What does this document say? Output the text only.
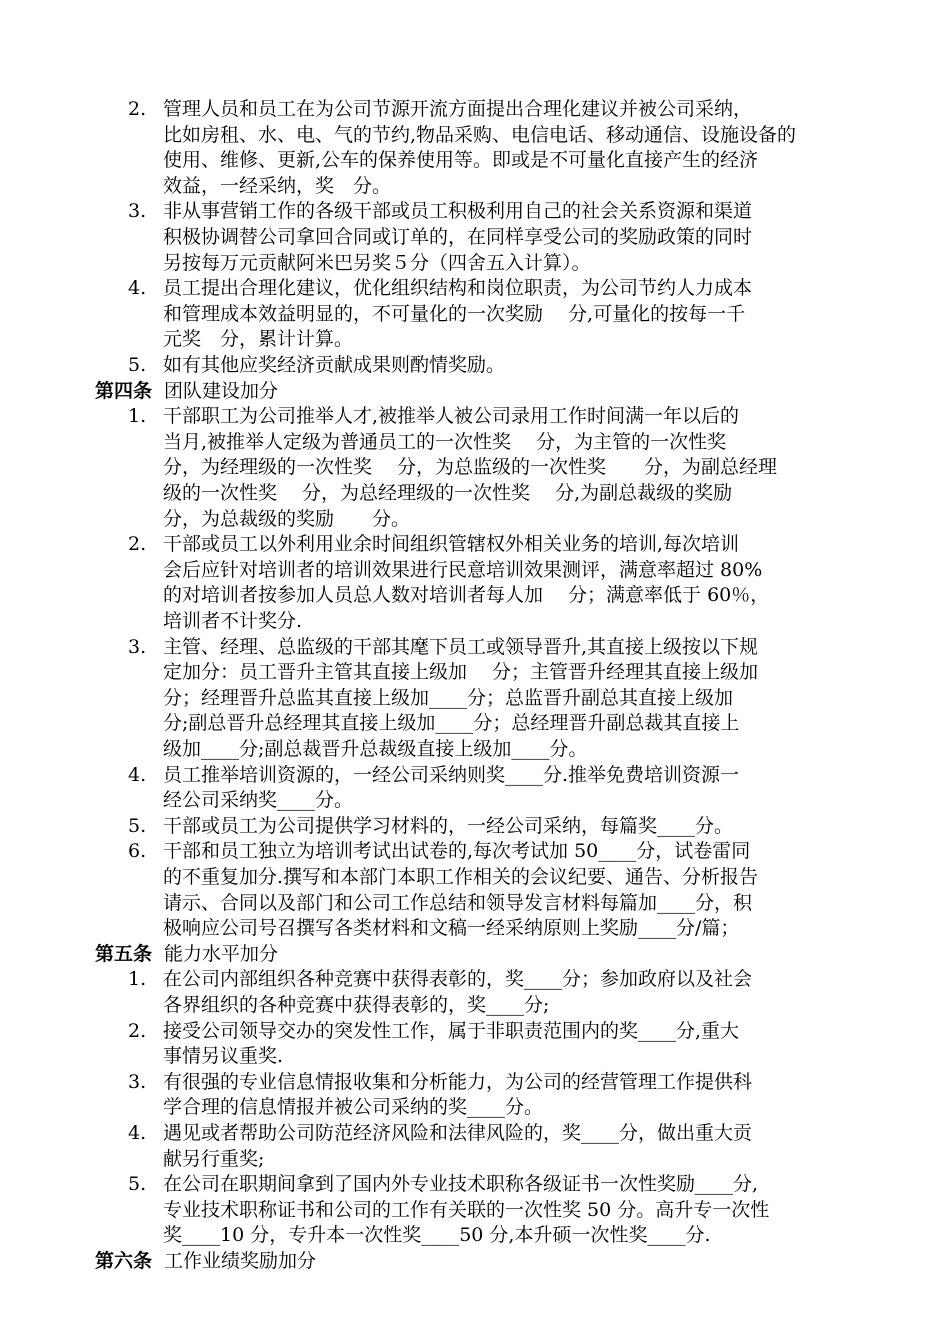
2. 管理人员和员工在为公司节源开流方面提出合理化建议并被公司采纳，
比如房租、水、电、气的节约,物品采购、电信电话、移动通信、设施设备的
使用、维修、更新,公车的保养使用等。即或是不可量化直接产生的经济
效益，一经采纳，奖　分。
3. 非从事营销工作的各级干部或员工积极利用自己的社会关系资源和渠道
积极协调替公司拿回合同或订单的，在同样享受公司的奖励政策的同时
另按每万元贡献阿米巴另奖５分（四舍五入计算）。
4. 员工提出合理化建议，优化组织结构和岗位职责，为公司节约人力成本
和管理成本效益明显的，不可量化的一次奖励　 分,可量化的按每一千
元奖　分，累计计算。
5. 如有其他应奖经济贡献成果则酌情奖励。
第四条 团队建设加分
1. 干部职工为公司推举人才,被推举人被公司录用工作时间满一年以后的
当月,被推举人定级为普通员工的一次性奖　 分，为主管的一次性奖
分，为经理级的一次性奖　 分，为总监级的一次性奖　　分，为副总经理
级的一次性奖　 分，为总经理级的一次性奖　 分,为副总裁级的奖励
分，为总裁级的奖励　　分。
2. 干部或员工以外利用业余时间组织管辖权外相关业务的培训,每次培训
会后应针对培训者的培训效果进行民意培训效果测评，满意率超过 80%
的对培训者按参加人员总人数对培训者每人加　 分；满意率低于 60％，
培训者不计奖分.
3. 主管、经理、总监级的干部其麾下员工或领导晋升,其直接上级按以下规
定加分：员工晋升主管其直接上级加　 分；主管晋升经理其直接上级加
分；经理晋升总监其直接上级加____分；总监晋升副总其直接上级加
分;副总晋升总经理其直接上级加____分；总经理晋升副总裁其直接上
级加____分;副总裁晋升总裁级直接上级加____分。
4. 员工推举培训资源的，一经公司采纳则奖____分.推举免费培训资源一
经公司采纳奖____分。
5. 干部或员工为公司提供学习材料的，一经公司采纳，每篇奖____分。
6. 干部和员工独立为培训考试出试卷的,每次考试加 50____分，试卷雷同
的不重复加分.撰写和本部门本职工作相关的会议纪要、通告、分析报告
请示、合同以及部门和公司工作总结和领导发言材料每篇加____分，积
极响应公司号召撰写各类材料和文稿一经采纳原则上奖励____分/篇；
第五条 能力水平加分
1. 在公司内部组织各种竞赛中获得表彰的，奖____分；参加政府以及社会
各界组织的各种竞赛中获得表彰的，奖____分;
2. 接受公司领导交办的突发性工作，属于非职责范围内的奖____分,重大
事情另议重奖.
3. 有很强的专业信息情报收集和分析能力，为公司的经营管理工作提供科
学合理的信息情报并被公司采纳的奖____分。
4. 遇见或者帮助公司防范经济风险和法律风险的，奖____分，做出重大贡
献另行重奖;
5. 在公司在职期间拿到了国内外专业技术职称各级证书一次性奖励____分,
专业技术职称证书和公司的工作有关联的一次性奖 50 分。高升专一次性
奖____10 分，专升本一次性奖____50 分,本升硕一次性奖____分.
第六条 工作业绩奖励加分
